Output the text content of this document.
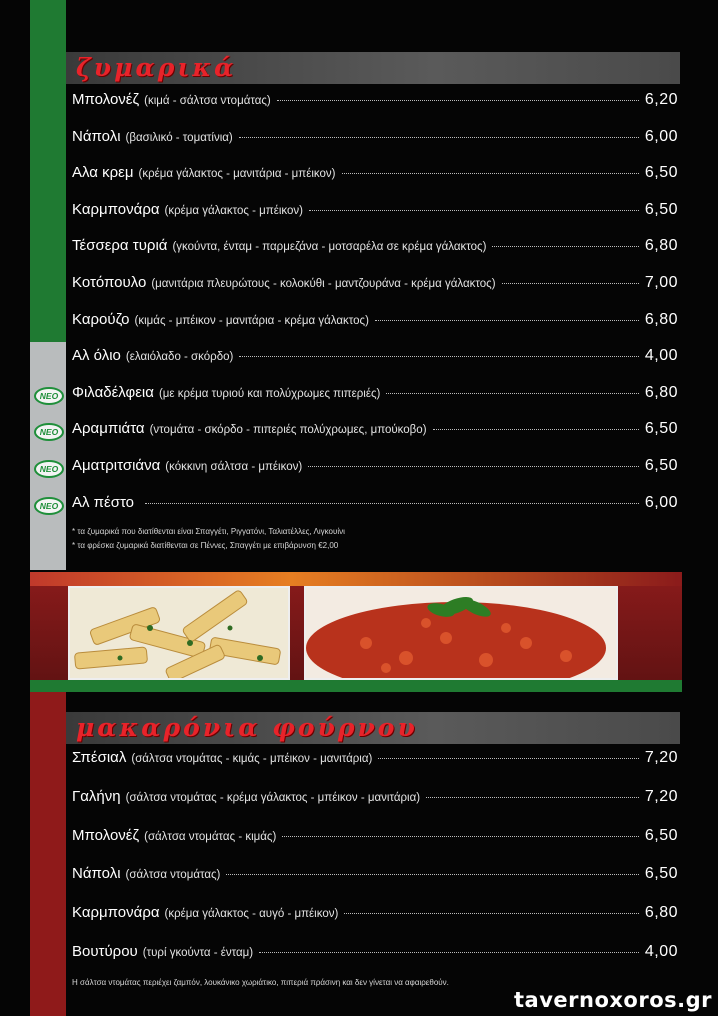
ζυμαρικά
Μπολονέζ (κιμά - σάλτσα ντομάτας)	6,20
Νάπολι (βασιλικό - τοματίνια)	6,00
Αλα κρεμ (κρέμα γάλακτος - μανιτάρια - μπέικον)	6,50
Καρμπονάρα (κρέμα γάλακτος - μπέικον)	6,50
Τέσσερα τυριά (γκούντα, ένταμ - παρμεζάνα - μοτσαρέλα σε κρέμα γάλακτος)	6,80
Κοτόπουλο (μανιτάρια πλευρώτους - κολοκύθι - μαντζουράνα - κρέμα γάλακτος)	7,00
Καρούζο (κιμάς - μπέικον - μανιτάρια - κρέμα γάλακτος)	6,80
Αλ όλιο (ελαιόλαδο - σκόρδο)	4,00
Φιλαδέλφεια (με κρέμα τυριού και πολύχρωμες πιπεριές)	6,80
ΝΕΟ
Αραμπιάτα (ντομάτα - σκόρδο - πιπεριές πολύχρωμες, μπούκοβο)	6,50
ΝΕΟ
Αματριτσιάνα (κόκκινη σάλτσα - μπέικον)	6,50
ΝΕΟ
Αλ πέστο	6,00
ΝΕΟ
* τα ζυμαρικά που διατίθενται είναι Σπαγγέτι, Ριγγατόνι, Ταλιατέλλες, Λιγκουίνι
* τα φρέσκα ζυμαρικά διατίθενται σε Πέννες, Σπαγγέτι με επιβάρυνση €2,00
μακαρόνια φούρνου
Σπέσιαλ (σάλτσα ντομάτας - κιμάς - μπέικον - μανιτάρια)	7,20
Γαλήνη (σάλτσα ντομάτας - κρέμα γάλακτος - μπέικον - μανιτάρια)	7,20
Μπολονέζ (σάλτσα ντομάτας - κιμάς)	6,50
Νάπολι (σάλτσα ντομάτας)	6,50
Καρμπονάρα (κρέμα γάλακτος - αυγό - μπέικον)	6,80
Βουτύρου (τυρί γκούντα - ένταμ)	4,00
Η σάλτσα ντομάτας περιέχει ζαμπόν, λουκάνικο χωριάτικο, πιπεριά πράσινη και δεν γίνεται να αφαιρεθούν.
tavernoxoros.gr
